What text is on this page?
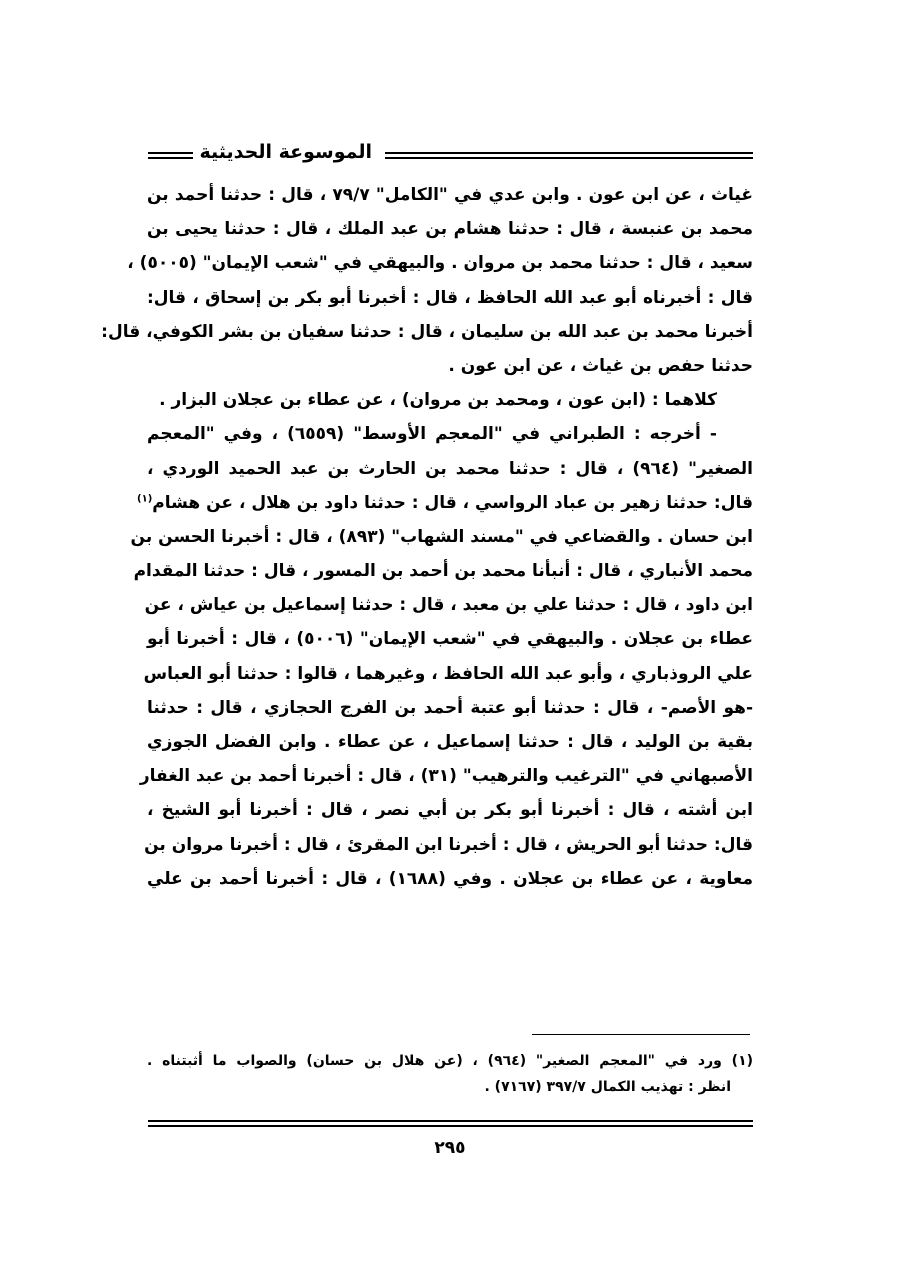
الموسوعة الحديثية
غياث ، عن ابن عون . وابن عدي في "الكامل" ٧٩/٧ ، قال : حدثنا أحمد بن
محمد بن عنبسة ، قال : حدثنا هشام بن عبد الملك ، قال : حدثنا يحيى بن
سعيد ، قال : حدثنا محمد بن مروان . والبيهقي في "شعب الإيمان" (٥٠٠٥) ،
قال : أخبرناه أبو عبد الله الحافظ ، قال : أخبرنا أبو بكر بن إسحاق ، قال:
أخبرنا محمد بن عبد الله بن سليمان ، قال : حدثنا سفيان بن بشر الكوفي، قال:
حدثنا حفص بن غياث ، عن ابن عون .
كلاهما : (ابن عون ، ومحمد بن مروان) ، عن عطاء بن عجلان البزار .
- أخرجه : الطبراني في "المعجم الأوسط" (٦٥٥٩) ، وفي "المعجم
الصغير" (٩٦٤) ، قال : حدثنا محمد بن الحارث بن عبد الحميد الوردي ،
قال: حدثنا زهير بن عباد الرواسي ، قال : حدثنا داود بن هلال ، عن هشام$^{(١)}$
ابن حسان . والقضاعي في "مسند الشهاب" (٨٩٣) ، قال : أخبرنا الحسن بن
محمد الأنباري ، قال : أنبأنا محمد بن أحمد بن المسور ، قال : حدثنا المقدام
ابن داود ، قال : حدثنا علي بن معبد ، قال : حدثنا إسماعيل بن عياش ، عن
عطاء بن عجلان . والبيهقي في "شعب الإيمان" (٥٠٠٦) ، قال : أخبرنا أبو
علي الروذباري ، وأبو عبد الله الحافظ ، وغيرهما ، قالوا : حدثنا أبو العباس
-هو الأصم- ، قال : حدثنا أبو عتبة أحمد بن الفرج الحجازي ، قال : حدثنا
بقية بن الوليد ، قال : حدثنا إسماعيل ، عن عطاء . وابن الفضل الجوزي
الأصبهاني في "الترغيب والترهيب" (٣١) ، قال : أخبرنا أحمد بن عبد الغفار
ابن أشته ، قال : أخبرنا أبو بكر بن أبي نصر ، قال : أخبرنا أبو الشيخ ،
قال: حدثنا أبو الحريش ، قال : أخبرنا ابن المقرئ ، قال : أخبرنا مروان بن
معاوية ، عن عطاء بن عجلان . وفي (١٦٨٨) ، قال : أخبرنا أحمد بن علي
(١) ورد في "المعجم الصغير" (٩٦٤) ، (عن هلال بن حسان) والصواب ما أثبتناه .
انظر : تهذيب الكمال ٣٩٧/٧ (٧١٦٧) .
٢٩٥
